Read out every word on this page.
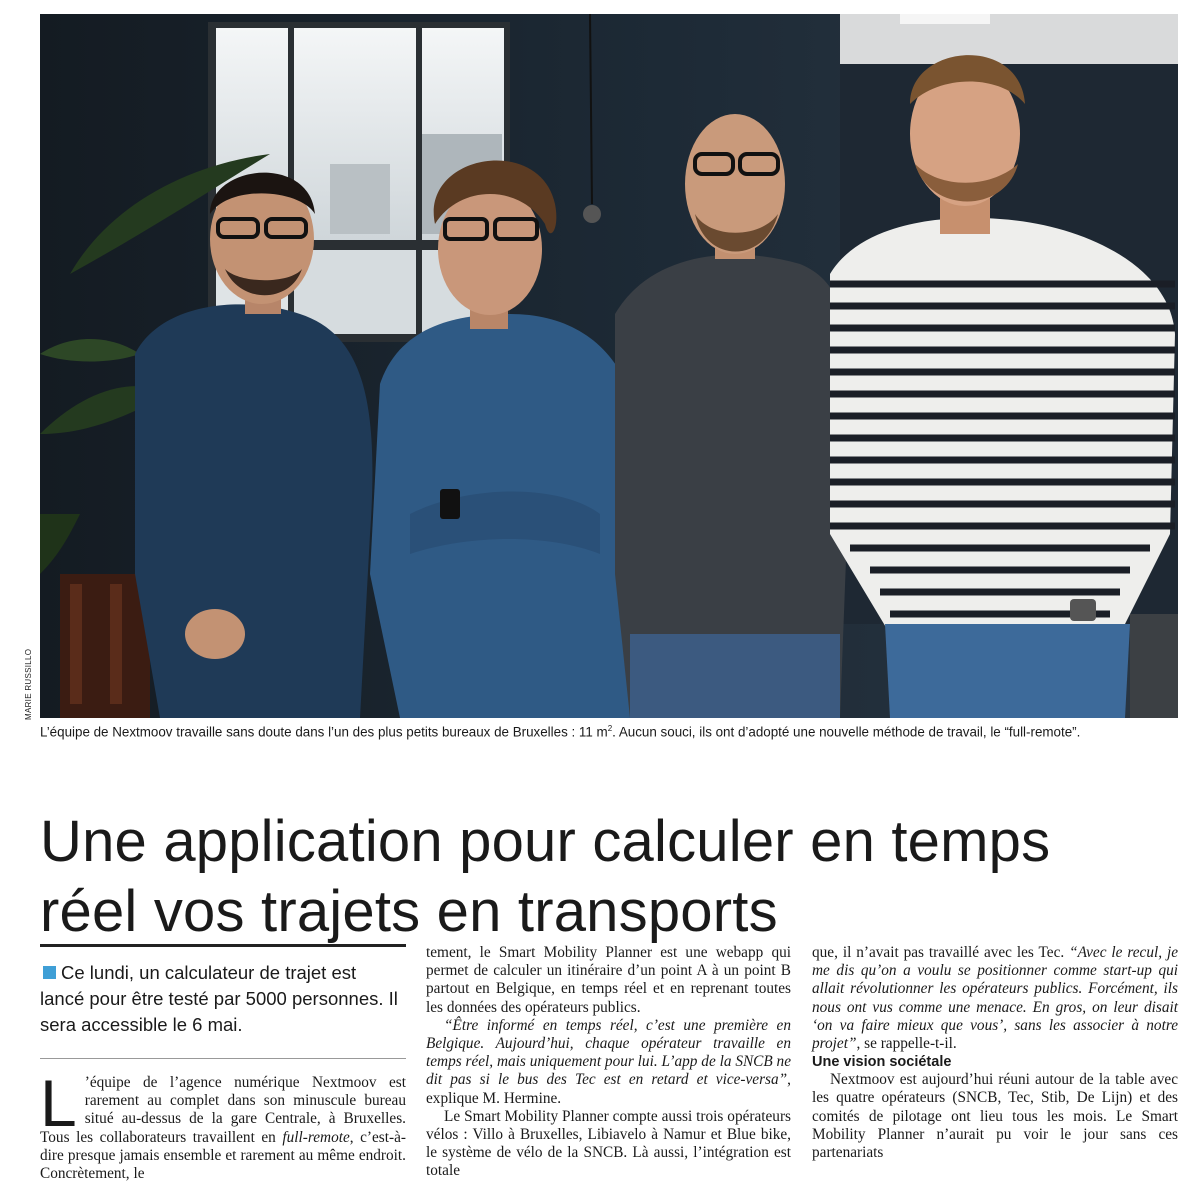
MARIE RUSSILLO
L’équipe de Nextmoov travaille sans doute dans l’un des plus petits bureaux de Bruxelles : 11 $m^2$. Aucun souci, ils ont d’adopté une nouvelle méthode de travail, le “full-remote”.
Une application pour calculer en temps
réel vos trajets en transports
Ce lundi, un calculateur de trajet est lancé pour être testé par 5000 personnes. Il sera accessible le 6 mai.

L ’équipe de l’agence numérique Nextmoov est rarement au complet dans son minuscule bureau situé au-dessus de la gare Centrale, à Bruxelles. Tous les collaborateurs travaillent en full-remote, c’est-à-dire presque jamais ensemble et rarement au même endroit. Concrètement, le

tement, le Smart Mobility Planner est une webapp qui permet de calculer un itinéraire d’un point A à un point B partout en Belgique, en temps réel et en reprenant toutes les données des opérateurs publics.

“Être informé en temps réel, c’est une première en Belgique. Aujourd’hui, chaque opérateur travaille en temps réel, mais uniquement pour lui. L’app de la SNCB ne dit pas si le bus des Tec est en retard et vice-versa”, explique M. Hermine.

Le Smart Mobility Planner compte aussi trois opérateurs vélos : Villo à Bruxelles, Libiavelo à Namur et Blue bike, le système de vélo de la SNCB. Là aussi, l’intégration est totale

que, il n’avait pas travaillé avec les Tec. “Avec le recul, je me dis qu’on a voulu se positionner comme start-up qui allait révolutionner les opérateurs publics. Forcément, ils nous ont vus comme une menace. En gros, on leur disait ‘on va faire mieux que vous’, sans les associer à notre projet”, se rappelle-t-il.

Une vision sociétale

Nextmoov est aujourd’hui réuni autour de la table avec les quatre opérateurs (SNCB, Tec, Stib, De Lijn) et des comités de pilotage ont lieu tous les mois. Le Smart Mobility Planner n’aurait pu voir le jour sans ces partenariats
